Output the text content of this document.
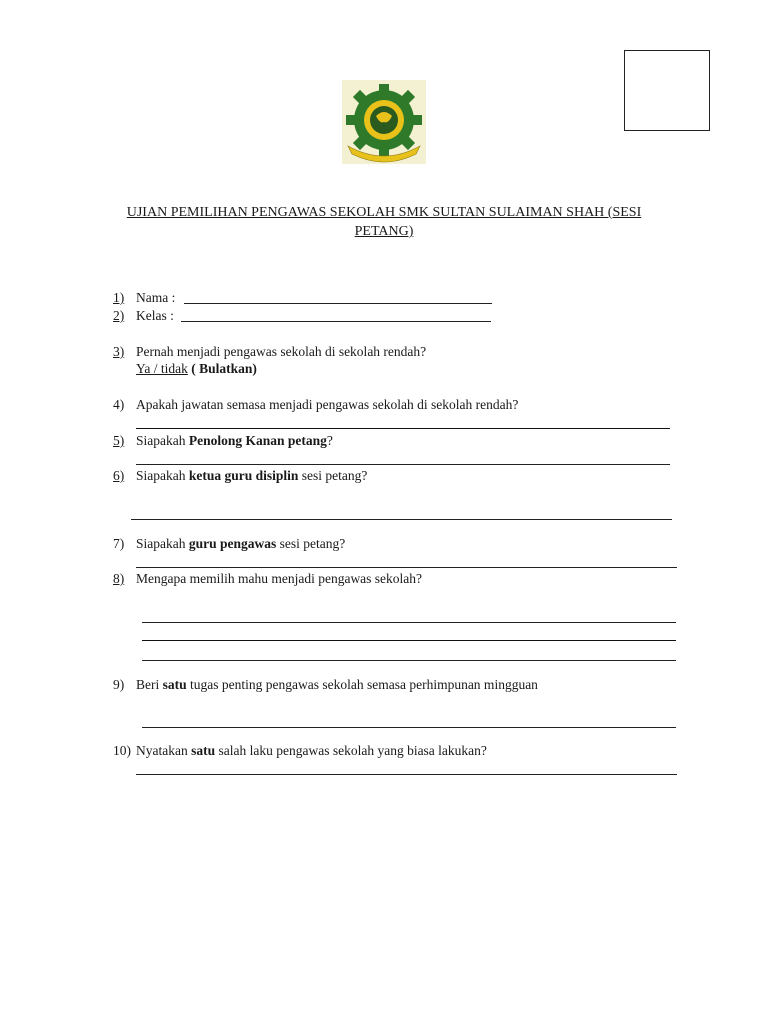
UJIAN PEMILIHAN PENGAWAS SEKOLAH SMK SULTAN SULAIMAN SHAH (SESI PETANG)
1) Nama :
2) Kelas :
3) Pernah menjadi pengawas sekolah di sekolah rendah?
Ya / tidak ( Bulatkan)
4) Apakah jawatan semasa menjadi pengawas sekolah di sekolah rendah?
5) Siapakah Penolong Kanan petang?
6) Siapakah ketua guru disiplin sesi petang?
7) Siapakah guru pengawas sesi petang?
8) Mengapa memilih mahu menjadi pengawas sekolah?
9) Beri satu tugas penting pengawas sekolah semasa perhimpunan mingguan
10) Nyatakan satu salah laku pengawas sekolah yang biasa lakukan?
